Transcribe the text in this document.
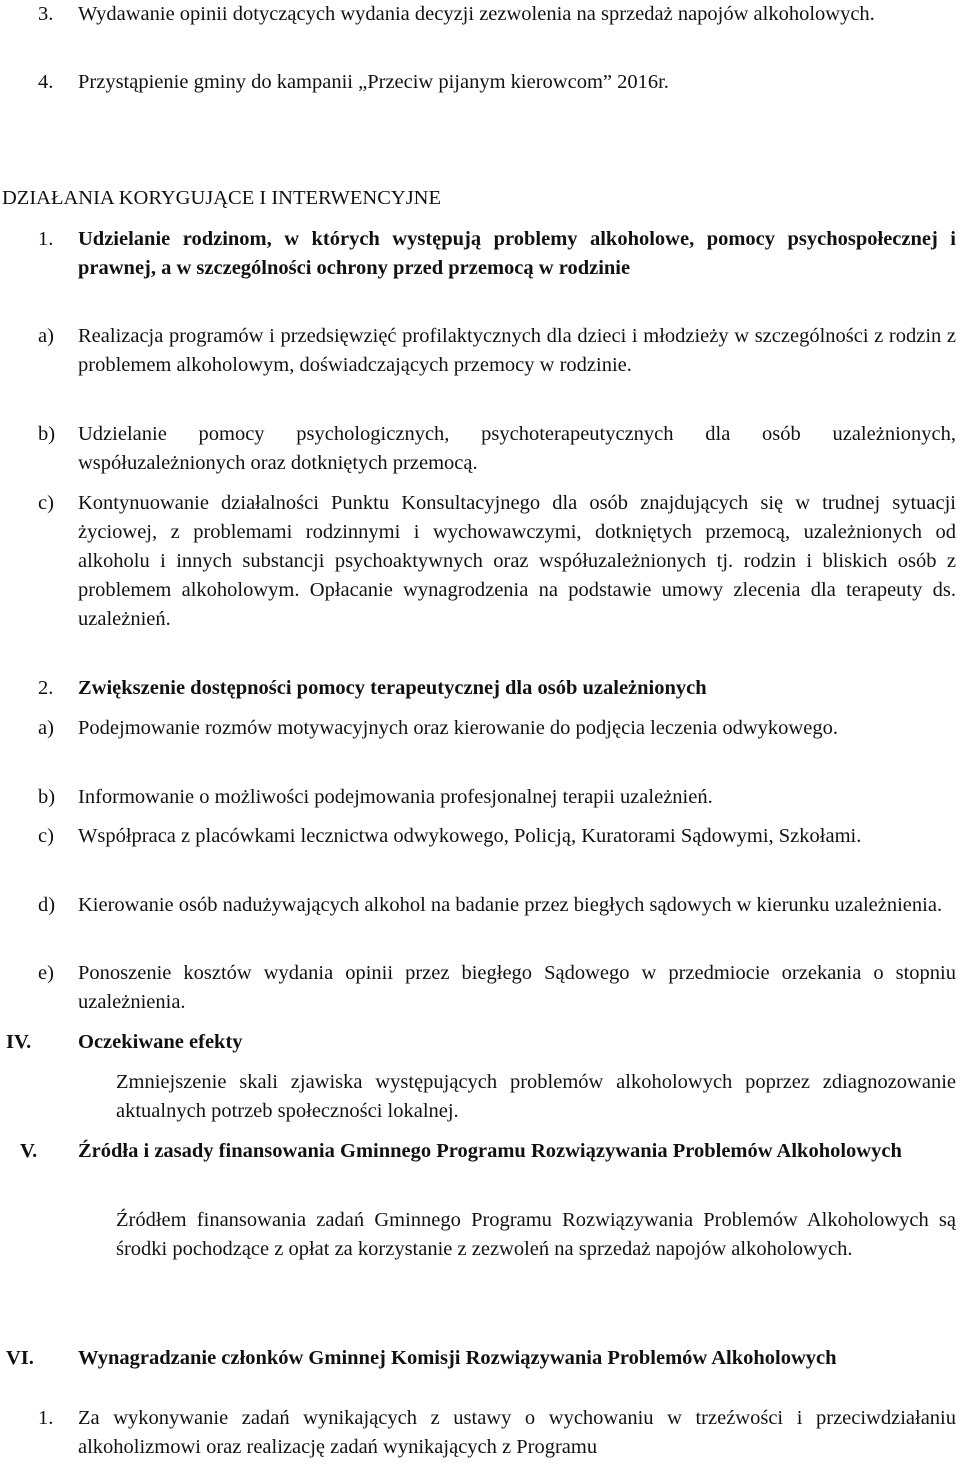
3. Wydawanie opinii dotyczących wydania decyzji zezwolenia na sprzedaż napojów alkoholowych.

4. Przystąpienie gminy do kampanii „Przeciw pijanym kierowcom” 2016r.

DZIAŁANIA KORYGUJĄCE I INTERWENCYJNE

1. Udzielanie rodzinom, w których występują problemy alkoholowe, pomocy psychospołecznej i prawnej, a w szczególności ochrony przed przemocą w rodzinie

a) Realizacja programów i przedsięwzięć profilaktycznych dla dzieci i młodzieży w szczególności z rodzin z problemem alkoholowym, doświadczających przemocy w rodzinie.

b) Udzielanie pomocy psychologicznych, psychoterapeutycznych dla osób uzależnionych, współuzależnionych oraz dotkniętych przemocą.

c) Kontynuowanie działalności Punktu Konsultacyjnego dla osób znajdujących się w trudnej sytuacji życiowej, z problemami rodzinnymi i wychowawczymi, dotkniętych przemocą, uzależnionych od alkoholu i innych substancji psychoaktywnych oraz współuzależnionych tj. rodzin i bliskich osób z problemem alkoholowym. Opłacanie wynagrodzenia na podstawie umowy zlecenia dla terapeuty ds. uzależnień.

2. Zwiększenie dostępności pomocy terapeutycznej dla osób uzależnionych

a) Podejmowanie rozmów motywacyjnych oraz kierowanie do podjęcia leczenia odwykowego.

b) Informowanie o możliwości podejmowania profesjonalnej terapii uzależnień.

c) Współpraca z placówkami lecznictwa odwykowego, Policją, Kuratorami Sądowymi, Szkołami.

d) Kierowanie osób nadużywających alkohol na badanie przez biegłych sądowych w kierunku uzależnienia.

e) Ponoszenie kosztów wydania opinii przez biegłego Sądowego w przedmiocie orzekania o stopniu uzależnienia.

IV. Oczekiwane efekty

Zmniejszenie skali zjawiska występujących problemów alkoholowych poprzez zdiagnozowanie aktualnych potrzeb społeczności lokalnej.

V. Źródła i zasady finansowania Gminnego Programu Rozwiązywania Problemów Alkoholowych

Źródłem finansowania zadań Gminnego Programu Rozwiązywania Problemów Alkoholowych są środki pochodzące z opłat za korzystanie z zezwoleń na sprzedaż napojów alkoholowych.

VI. Wynagradzanie członków Gminnej Komisji Rozwiązywania Problemów Alkoholowych

1. Za wykonywanie zadań wynikających z ustawy o wychowaniu w trzeźwości i przeciwdziałaniu alkoholizmowi oraz realizację zadań wynikających z Programu
